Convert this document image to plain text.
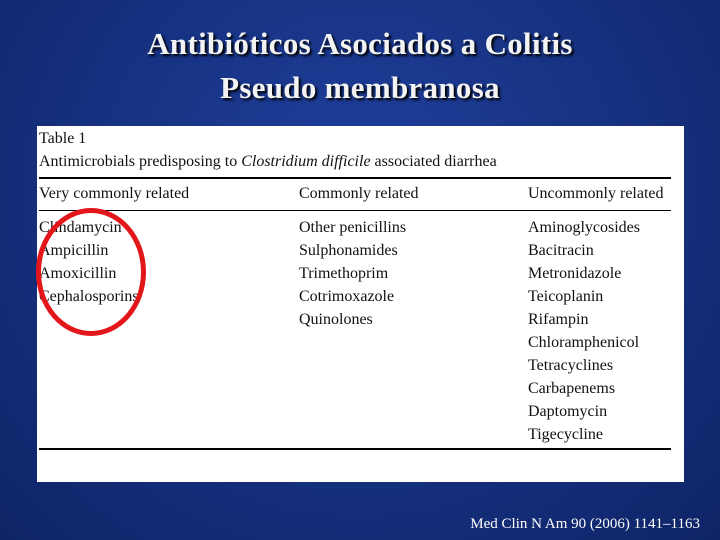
Antibióticos Asociados a Colitis
Pseudo membranosa
Table 1
Antimicrobials predisposing to Clostridium difficile associated diarrhea
Very commonly related
Clindamycin
Ampicillin
Amoxicillin
Cephalosporins
Commonly related
Other penicillins
Sulphonamides
Trimethoprim
Cotrimoxazole
Quinolones
Uncommonly related
Aminoglycosides
Bacitracin
Metronidazole
Teicoplanin
Rifampin
Chloramphenicol
Tetracyclines
Carbapenems
Daptomycin
Tigecycline
Med Clin N Am 90 (2006) 1141–1163
